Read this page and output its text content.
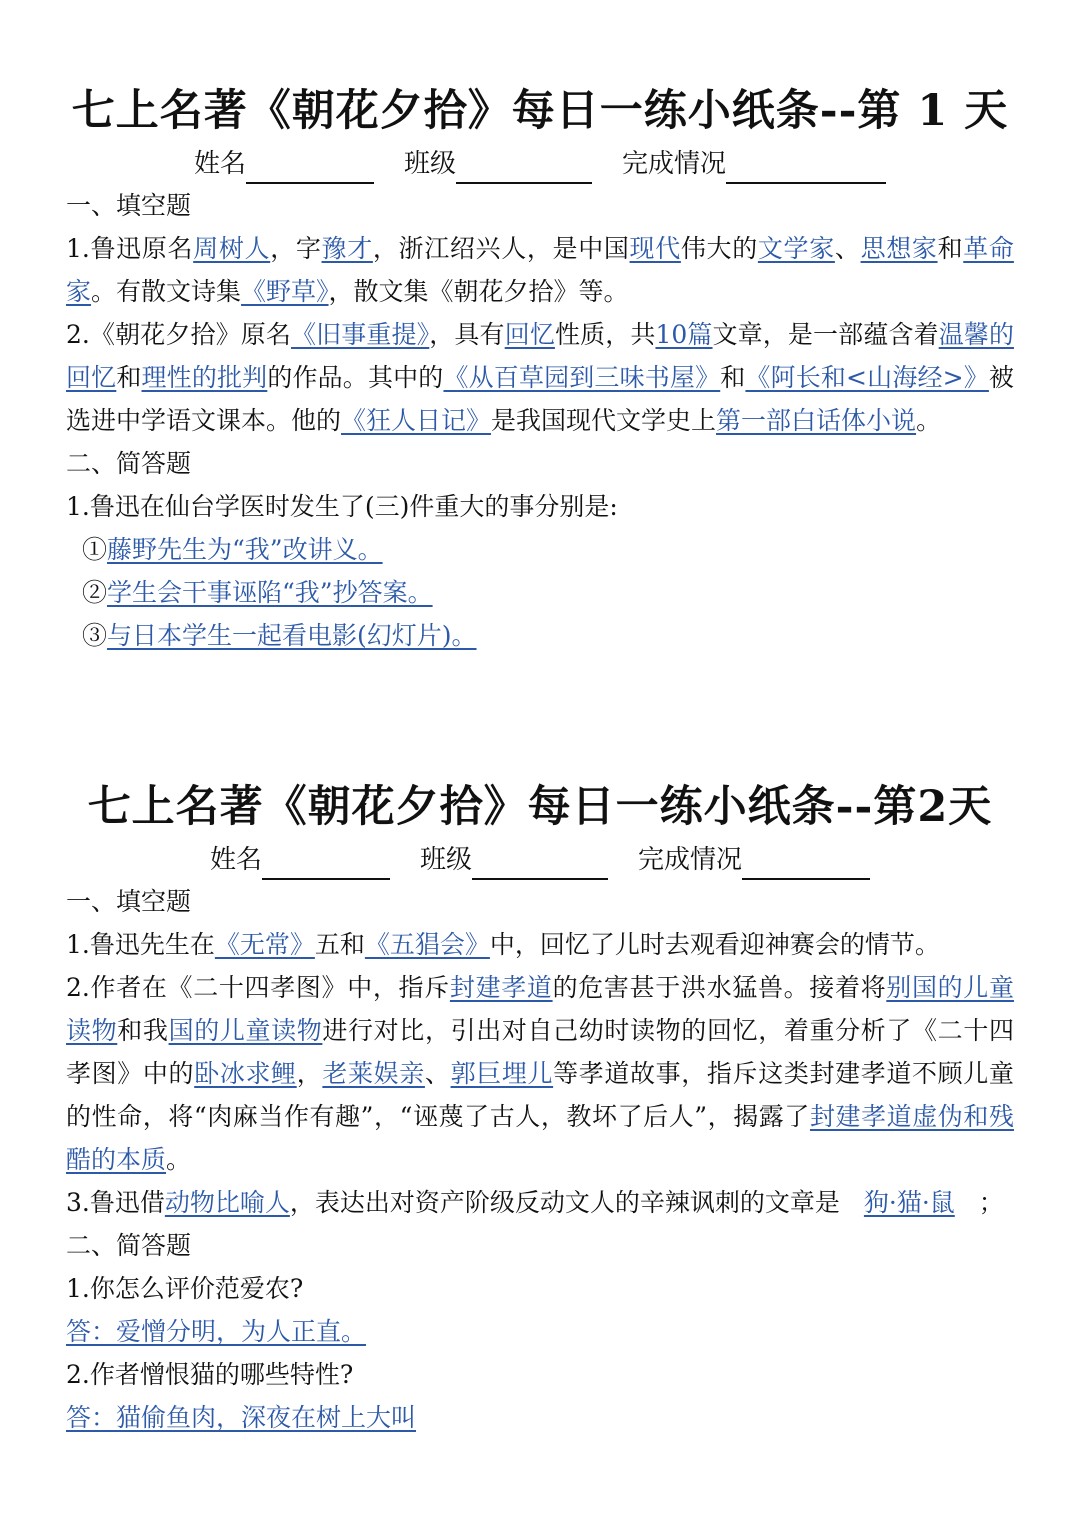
七上名著《朝花夕拾》每日一练小纸条--第 1 天
姓名	班级	完成情况

一、填空题

1.鲁迅原名周树人，字豫才，浙江绍兴人，是中国现代伟大的文学家、思想家和革命家。有散文诗集《野草》，散文集《朝花夕拾》等。

2.《朝花夕拾》原名《旧事重提》，具有回忆性质，共10篇文章，是一部蕴含着温馨的回忆和理性的批判的作品。其中的《从百草园到三味书屋》和《阿长和<山海经>》被选进中学语文课本。他的《狂人日记》是我国现代文学史上第一部白话体小说。

二、简答题

1.鲁迅在仙台学医时发生了(三)件重大的事分别是:

①藤野先生为“我”改讲义。

②学生会干事诬陷“我”抄答案。

③与日本学生一起看电影(幻灯片)。

七上名著《朝花夕拾》每日一练小纸条--第2天
姓名	班级	完成情况

一、填空题

1.鲁迅先生在《无常》五和《五猖会》中，回忆了儿时去观看迎神赛会的情节。

2.作者在《二十四孝图》中，指斥封建孝道的危害甚于洪水猛兽。接着将别国的儿童读物和我国的儿童读物进行对比，引出对自己幼时读物的回忆，着重分析了《二十四孝图》中的卧冰求鲤，老莱娱亲、郭巨埋儿等孝道故事，指斥这类封建孝道不顾儿童的性命，将“肉麻当作有趣”，“诬蔑了古人，教坏了后人”，揭露了封建孝道虚伪和残酷的本质。

3.鲁迅借动物比喻人，表达出对资产阶级反动文人的辛辣讽刺的文章是 狗·猫·鼠 ；

二、简答题

1.你怎么评价范爱农?

答：爱憎分明，为人正直。

2.作者憎恨猫的哪些特性?

答：猫偷鱼肉，深夜在树上大叫
